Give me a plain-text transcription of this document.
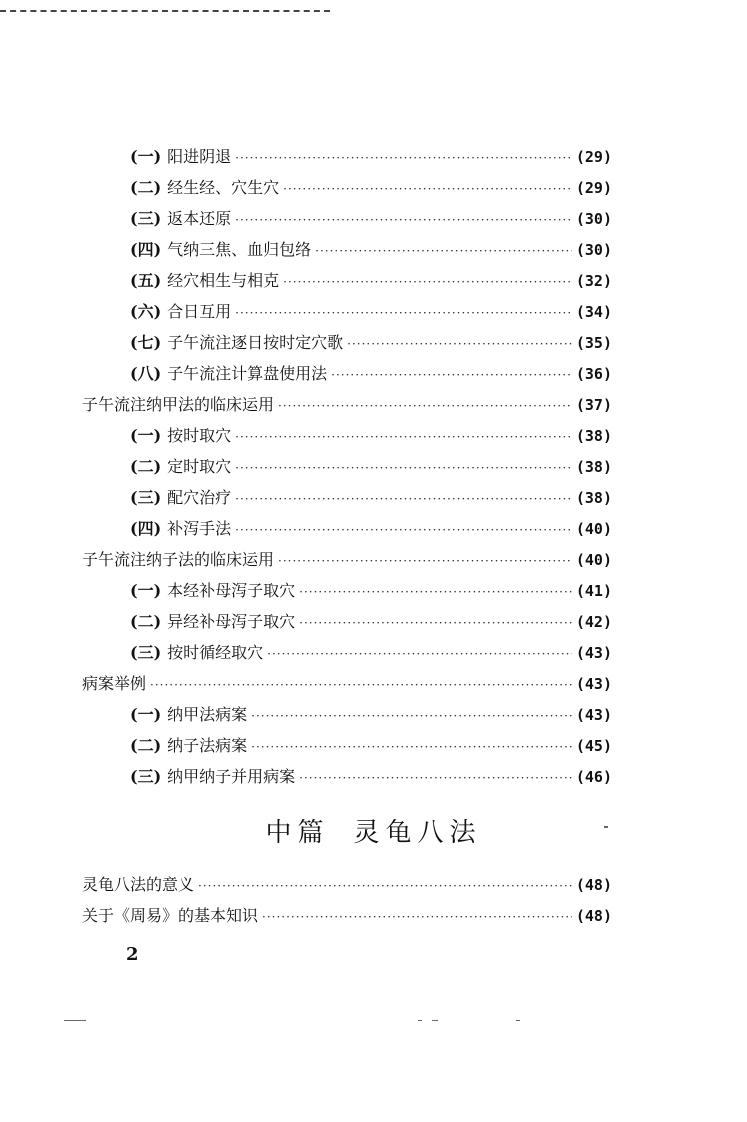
(一) 阳进阴退 ·····	(29)
(二) 经生经、穴生穴 ·····	(29)
(三) 返本还原 ·····	(30)
(四) 气纳三焦、血归包络 ·····	(30)
(五) 经穴相生与相克 ·····	(32)
(六) 合日互用 ·····	(34)
(七) 子午流注逐日按时定穴歌 ·····	(35)
(八) 子午流注计算盘使用法 ·····	(36)
子午流注纳甲法的临床运用 ·····	(37)
(一) 按时取穴 ·····	(38)
(二) 定时取穴 ·····	(38)
(三) 配穴治疗 ·····	(38)
(四) 补泻手法 ·····	(40)
子午流注纳子法的临床运用 ·····	(40)
(一) 本经补母泻子取穴 ·····	(41)
(二) 异经补母泻子取穴 ·····	(42)
(三) 按时循经取穴 ·····	(43)
病案举例 ·····	(43)
(一) 纳甲法病案 ·····	(43)
(二) 纳子法病案 ·····	(45)
(三) 纳甲纳子并用病案 ·····	(46)
中篇 灵龟八法
灵龟八法的意义 ·····	(48)
关于《周易》的基本知识 ·····	(48)
2
